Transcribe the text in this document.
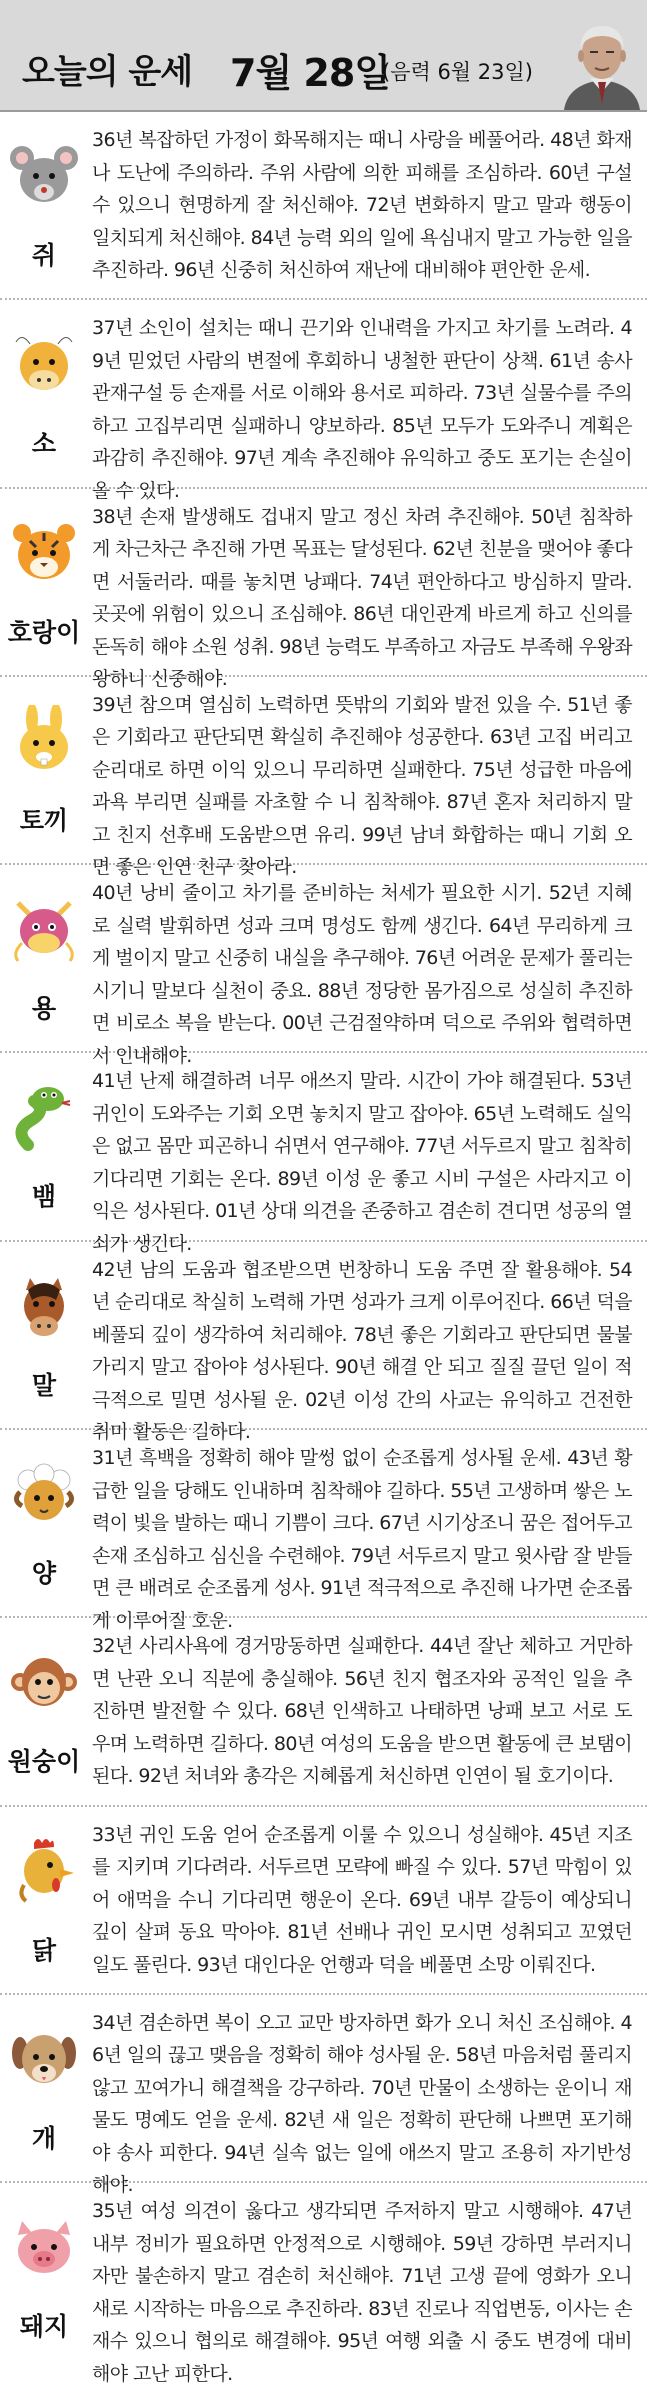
오늘의 운세 7월 28일
(음력 6월 23일)
쥐
36년 복잡하던 가정이 화목해지는 때니 사랑을 베풀어라. 48년 화재나 도난에 주의하라. 주위 사람에 의한 피해를 조심하라. 60년 구설수 있으니 현명하게 잘 처신해야. 72년 변화하지 말고 말과 행동이 일치되게 처신해야. 84년 능력 외의 일에 욕심내지 말고 가능한 일을 추진하라. 96년 신중히 처신하여 재난에 대비해야 편안한 운세.
소
37년 소인이 설치는 때니 끈기와 인내력을 가지고 차기를 노려라. 49년 믿었던 사람의 변절에 후회하니 냉철한 판단이 상책. 61년 송사 관재구설 등 손재를 서로 이해와 용서로 피하라. 73년 실물수를 주의하고 고집부리면 실패하니 양보하라. 85년 모두가 도와주니 계획은 과감히 추진해야. 97년 계속 추진해야 유익하고 중도 포기는 손실이 올 수 있다.
호랑이
38년 손재 발생해도 겁내지 말고 정신 차려 추진해야. 50년 침착하게 차근차근 추진해 가면 목표는 달성된다. 62년 친분을 맺어야 좋다면 서둘러라. 때를 놓치면 낭패다. 74년 편안하다고 방심하지 말라. 곳곳에 위험이 있으니 조심해야. 86년 대인관계 바르게 하고 신의를 돈독히 해야 소원 성취. 98년 능력도 부족하고 자금도 부족해 우왕좌왕하니 신중해야.
토끼
39년 참으며 열심히 노력하면 뜻밖의 기회와 발전 있을 수. 51년 좋은 기회라고 판단되면 확실히 추진해야 성공한다. 63년 고집 버리고 순리대로 하면 이익 있으니 무리하면 실패한다. 75년 성급한 마음에 과욕 부리면 실패를 자초할 수 니 침착해야. 87년 혼자 처리하지 말고 친지 선후배 도움받으면 유리. 99년 남녀 화합하는 때니 기회 오면 좋은 인연 친구 찾아라.
용
40년 낭비 줄이고 차기를 준비하는 처세가 필요한 시기. 52년 지혜로 실력 발휘하면 성과 크며 명성도 함께 생긴다. 64년 무리하게 크게 벌이지 말고 신중히 내실을 추구해야. 76년 어려운 문제가 풀리는 시기니 말보다 실천이 중요. 88년 정당한 몸가짐으로 성실히 추진하면 비로소 복을 받는다. 00년 근검절약하며 덕으로 주위와 협력하면서 인내해야.
뱀
41년 난제 해결하려 너무 애쓰지 말라. 시간이 가야 해결된다. 53년 귀인이 도와주는 기회 오면 놓치지 말고 잡아야. 65년 노력해도 실익은 없고 몸만 피곤하니 쉬면서 연구해야. 77년 서두르지 말고 침착히 기다리면 기회는 온다. 89년 이성 운 좋고 시비 구설은 사라지고 이익은 성사된다. 01년 상대 의견을 존중하고 겸손히 견디면 성공의 열쇠가 생긴다.
말
42년 남의 도움과 협조받으면 번창하니 도움 주면 잘 활용해야. 54년 순리대로 착실히 노력해 가면 성과가 크게 이루어진다. 66년 덕을 베풀되 깊이 생각하여 처리해야. 78년 좋은 기회라고 판단되면 물불 가리지 말고 잡아야 성사된다. 90년 해결 안 되고 질질 끌던 일이 적극적으로 밀면 성사될 운. 02년 이성 간의 사교는 유익하고 건전한 취미 활동은 길하다.
양
31년 흑백을 정확히 해야 말썽 없이 순조롭게 성사될 운세. 43년 황급한 일을 당해도 인내하며 침착해야 길하다. 55년 고생하며 쌓은 노력이 빛을 발하는 때니 기쁨이 크다. 67년 시기상조니 꿈은 접어두고 손재 조심하고 심신을 수련해야. 79년 서두르지 말고 윗사람 잘 받들면 큰 배려로 순조롭게 성사. 91년 적극적으로 추진해 나가면 순조롭게 이루어질 호운.
원숭이
32년 사리사욕에 경거망동하면 실패한다. 44년 잘난 체하고 거만하면 난관 오니 직분에 충실해야. 56년 친지 협조자와 공적인 일을 추진하면 발전할 수 있다. 68년 인색하고 나태하면 낭패 보고 서로 도우며 노력하면 길하다. 80년 여성의 도움을 받으면 활동에 큰 보탬이 된다. 92년 처녀와 총각은 지혜롭게 처신하면 인연이 될 호기이다.
닭
33년 귀인 도움 얻어 순조롭게 이룰 수 있으니 성실해야. 45년 지조를 지키며 기다려라. 서두르면 모략에 빠질 수 있다. 57년 막힘이 있어 애먹을 수니 기다리면 행운이 온다. 69년 내부 갈등이 예상되니 깊이 살펴 동요 막아야. 81년 선배나 귀인 모시면 성취되고 꼬였던 일도 풀린다. 93년 대인다운 언행과 덕을 베풀면 소망 이뤄진다.
개
34년 겸손하면 복이 오고 교만 방자하면 화가 오니 처신 조심해야. 46년 일의 끊고 맺음을 정확히 해야 성사될 운. 58년 마음처럼 풀리지 않고 꼬여가니 해결책을 강구하라. 70년 만물이 소생하는 운이니 재물도 명예도 얻을 운세. 82년 새 일은 정확히 판단해 나쁘면 포기해야 송사 피한다. 94년 실속 없는 일에 애쓰지 말고 조용히 자기반성 해야.
돼지
35년 여성 의견이 옳다고 생각되면 주저하지 말고 시행해야. 47년 내부 정비가 필요하면 안정적으로 시행해야. 59년 강하면 부러지니 자만 불손하지 말고 겸손히 처신해야. 71년 고생 끝에 영화가 오니 새로 시작하는 마음으로 추진하라. 83년 진로나 직업변동, 이사는 손재수 있으니 협의로 해결해야. 95년 여행 외출 시 중도 변경에 대비해야 고난 피한다.
